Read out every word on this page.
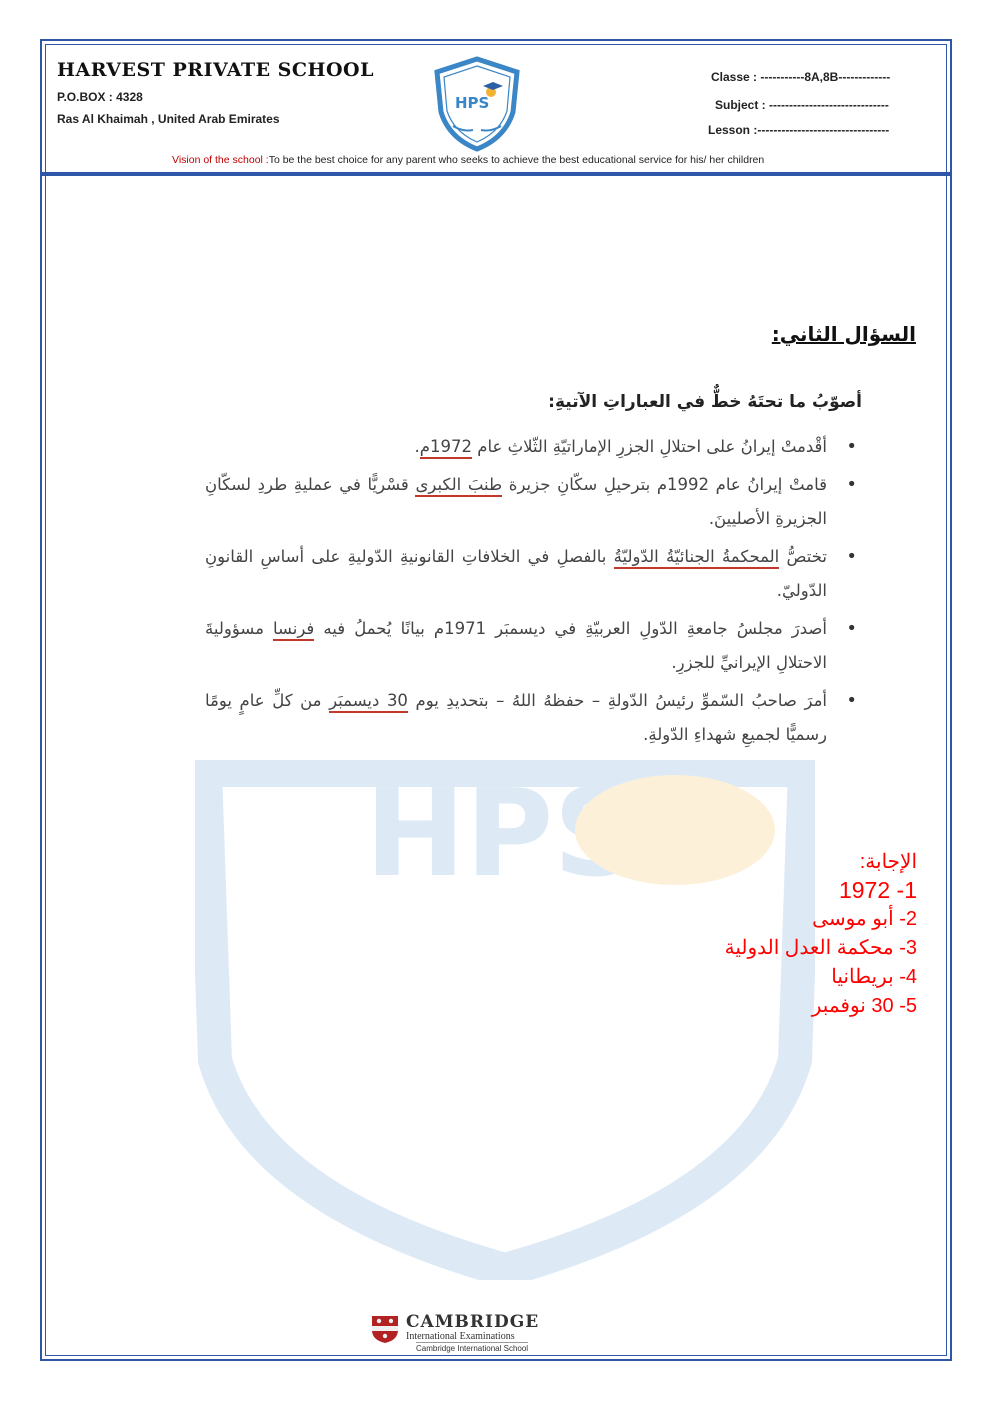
HARVEST PRIVATE SCHOOL
P.O.BOX : 4328
Ras Al Khaimah , United Arab Emirates
HPS
Classe : -----------8A,8B-------------
Subject : ------------------------------
Lesson :---------------------------------
Vision of the school :To be the best choice for any parent who seeks to achieve the best educational service for his/ her children
HPS
السؤال الثاني:
أصوّبُ ما تحتَهُ خطٌّ في العباراتِ الآتيةِ:
• أقْدمتْ إيرانُ على احتلالِ الجزرِ الإماراتيّةِ الثّلاثِ عام 1972م.
• قامتْ إيرانُ عام 1992م بترحيلِ سكّانِ جزيرة طنبَ الكبرى قسْريًّا في عمليةِ طردِ لسكّانِ الجزيرةِ الأصليينَ.
• تختصُّ المحكمةُ الجنائيّةُ الدّوليّةُ بالفصلِ في الخلافاتِ القانونيةِ الدّوليةِ على أساسِ القانونِ الدّوليّ.
• أصدرَ مجلسُ جامعةِ الدّولِ العربيّةِ في ديسمبَر 1971م بيانًا يُحملُ فيه فرنسا مسؤوليةَ الاحتلالِ الإيرانيِّ للجزرِ.
• أمرَ صاحبُ السّموِّ رئيسُ الدّولةِ – حفظهُ اللهُ – بتحديدِ يوم 30 ديسمبَر من كلِّ عامٍ يومًا رسميًّا لجميعِ شهداءِ الدّولةِ.
الإجابة:
1- 1972
2- أبو موسى
3- محكمة العدل الدولية
4- بريطانيا
5- 30 نوفمبر
CAMBRIDGE
International Examinations
Cambridge International School
